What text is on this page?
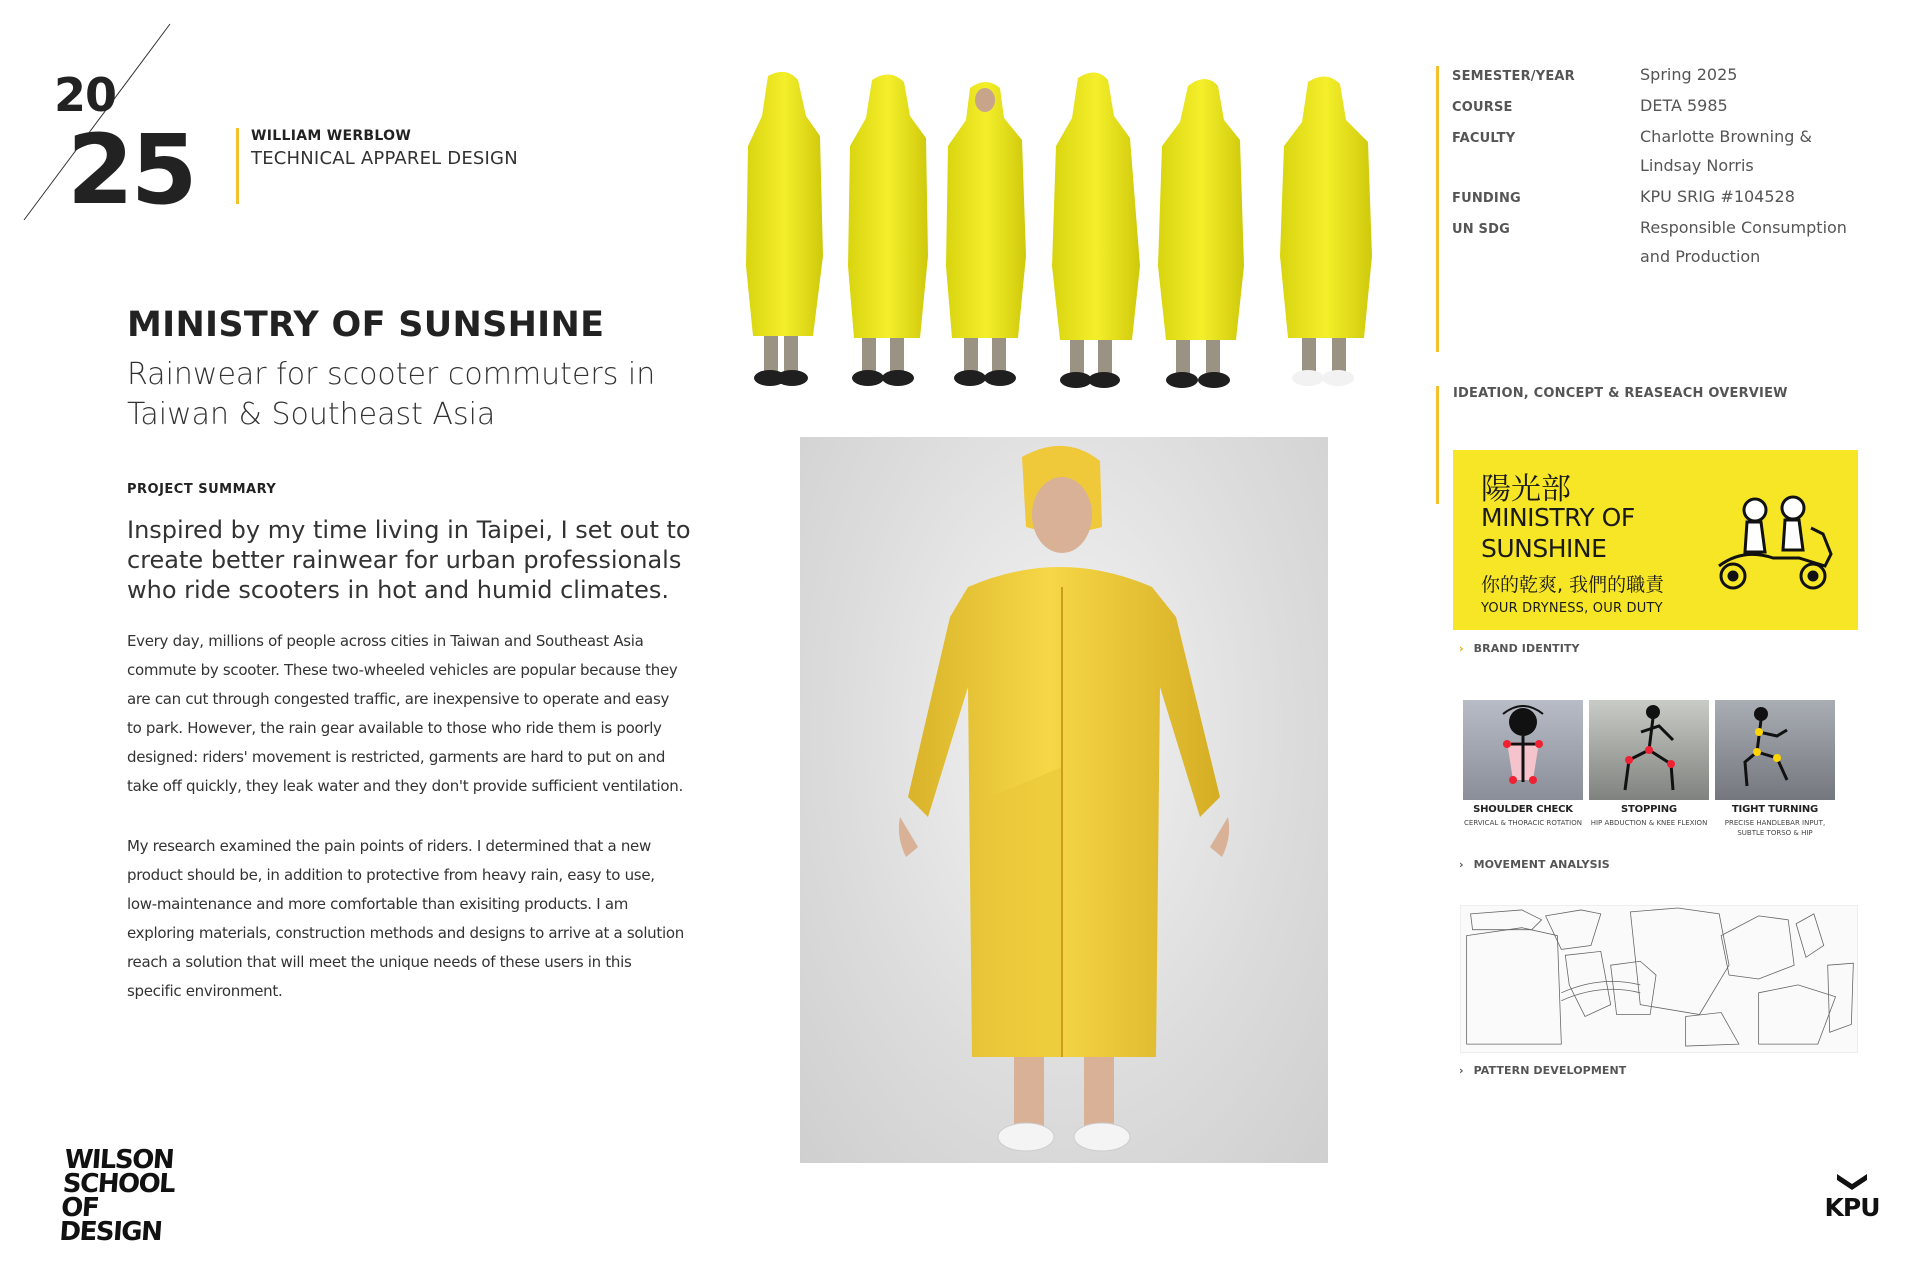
20
25	WILLIAM WERBLOW
TECHNICAL APPAREL DESIGN
MINISTRY OF SUNSHINE
Rainwear for scooter commuters in Taiwan & Southeast Asia
PROJECT SUMMARY
Inspired by my time living in Taipei, I set out to create better rainwear for urban professionals who ride scooters in hot and humid climates.
Every day, millions of people across cities in Taiwan and Southeast Asia commute by scooter. These two-wheeled vehicles are popular because they are can cut through congested traffic, are inexpensive to operate and easy to park. However, the rain gear available to those who ride them is poorly designed: riders' movement is restricted, garments are hard to put on and take off quickly, they leak water and they don't provide sufficient ventilation.
My research examined the pain points of riders. I determined that a new product should be, in addition to protective from heavy rain, easy to use, low-maintenance and more comfortable than exisiting products. I am exploring materials, construction methods and designs to arrive at a solution reach a solution that will meet the unique needs of these users in this specific environment.
WILSON SCHOOL OF DESIGN
KPU
SEMESTER/YEAR	Spring 2025
COURSE	DETA 5985
FACULTY	Charlotte Browning & Lindsay Norris
FUNDING	KPU SRIG #104528
UN SDG	Responsible Consumption and Production
IDEATION, CONCEPT & REASEACH OVERVIEW
陽光部
MINISTRY OF SUNSHINE
你的乾爽, 我們的職責
YOUR DRYNESS, OUR DUTY
› BRAND IDENTITY
SHOULDER CHECK
CERVICAL & THORACIC ROTATION
STOPPING
HIP ABDUCTION & KNEE FLEXION
TIGHT TURNING
PRECISE HANDLEBAR INPUT, SUBTLE TORSO & HIP
› MOVEMENT ANALYSIS
› PATTERN DEVELOPMENT
